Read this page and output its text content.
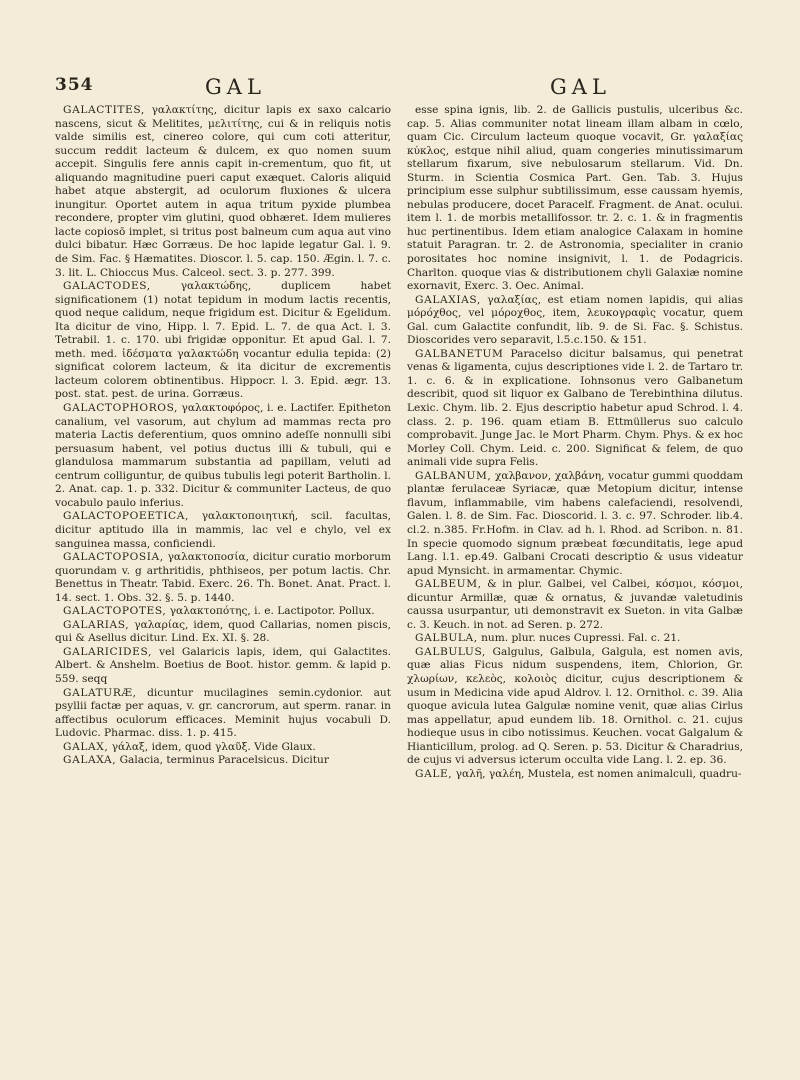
354	GAL	GAL

GALACTITES, γαλακτίτης, dicitur lapis ex saxo calcario nascens, sicut & Melitites, μελιτίτης, cui & in reliquis notis valde similis est, cinereo colore, qui cum coti atteritur, succum reddit lacteum & dulcem, ex quo nomen suum accepit. Singulis fere annis capit in-crementum, quo fit, ut aliquando magnitudine pueri caput exæquet. Caloris aliquid habet atque abstergit, ad oculorum fluxiones & ulcera inungitur. Oportet autem in aqua tritum pyxide plumbea recondere, propter vim glutini, quod obhæret. Idem mulieres lacte copiosō implet, si tritus post balneum cum aqua aut vino dulci bibatur. Hæc Gorræus. De hoc lapide legatur Gal. l. 9. de Sim. Fac. § Hæmatites. Dioscor. l. 5. cap. 150. Ægin. l. 7. c. 3. lit. L. Chioccus Mus. Calceol. sect. 3. p. 277. 399.

GALACTODES,	γαλακτώδης, duplicem habet significationem (1) notat tepidum in modum lactis recentis, quod neque calidum, neque frigidum est. Dicitur & Egelidum. Ita dicitur de vino, Hipp. l. 7. Epid. L. 7. de qua Act. l. 3. Tetrabil. 1. c. 170. ubi frigidæ opponitur. Et apud Gal. l. 7. meth. med. ἰδέσματα γαλακτώδη vocantur edulia tepida: (2) significat colorem lacteum, & ita dicitur de excrementis lacteum colorem obtinentibus. Hippocr. l. 3. Epid. ægr. 13. post. stat. pest. de urina. Gorræus.

GALACTOPHOROS, γαλακτοφόρος, i. e. Lactifer. Epitheton canalium, vel vasorum, aut chylum ad mammas recta pro materia Lactis deferentium, quos omnino adeſſe nonnulli sibi persuasum habent, vel potius ductus illi & tubuli, qui e glandulosa mammarum substantia ad papillam, veluti ad centrum colliguntur, de quibus tubulis legi poterit Bartholin. l. 2. Anat. cap. 1. p. 332. Dicitur & communiter Lacteus, de quo vocabulo paulo inferius.

GALACTOPOEETICA, γαλακτοποιητική, scil. facultas, dicitur aptitudo illa in mammis, lac vel e chylo, vel ex sanguinea massa, conficiendi.

GALACTOPOSIA, γαλακτοποσία, dicitur curatio morborum quorundam v. g arthritidis, phthiseos, per potum lactis. Chr. Benettus in Theatr. Tabid. Exerc. 26. Th. Bonet. Anat. Pract. l. 14. sect. 1. Obs. 32. §. 5. p. 1440.

GALACTOPOTES, γαλακτοπότης, i. e. Lactipotor. Pollux.

GALARIAS, γαλαρίας, idem, quod Callarias, nomen piscis, qui & Asellus dicitur. Lind. Ex. XI. §. 28.

GALARICIDES, vel Galaricis lapis, idem, qui Galactites. Albert. & Anshelm. Boetius de Boot. histor. gemm. & lapid p. 559. seqq

GALATURÆ, dicuntur mucilagines semin.cydonior. aut psyllii factæ per aquas, v. gr. cancrorum, aut sperm. ranar. in affectibus oculorum efficaces. Meminit hujus vocabuli D. Ludovic. Pharmac. diss. 1. p. 415.

GALAX, γάλαξ, idem, quod γλαῦξ. Vide Glaux.

GALAXA, Galacia, terminus Paracelsicus. Dicitur

esse spina ignis, lib. 2. de Gallicis pustulis, ulceribus &c. cap. 5. Alias communiter notat lineam illam albam in cœlo, quam Cic. Circulum lacteum quoque vocavit, Gr. γαλαξίας κύκλος, estque nihil aliud, quam congeries minutissimarum stellarum fixarum, sive nebulosarum stellarum. Vid. Dn. Sturm. in Scientia Cosmica Part. Gen. Tab. 3. Hujus principium esse sulphur subtilissimum, esse caussam hyemis, nebulas producere, docet Paracelf. Fragment. de Anat. ocului. item l. 1. de morbis metallifossor. tr. 2. c. 1. & in fragmentis huc pertinentibus. Idem etiam analogice Calaxam in homine statuit Paragran. tr. 2. de Astronomia, specialiter in cranio porositates hoc nomine insignivit, l. 1. de Podagricis. Charlton. quoque vias & distributionem chyli Galaxiæ nomine exornavit, Exerc. 3. Oec. Animal.

GALAXIAS, γαλαξίας, est etiam nomen lapidis, qui alias μόρόχθος, vel μόροχθος, item, λευκογραφὶς vocatur, quem Gal. cum Galactite confundit, lib. 9. de Si. Fac. §. Schistus. Dioscorides vero separavit, l.5.c.150. & 151.

GALBANETUM Paracelso dicitur balsamus, qui penetrat venas & ligamenta, cujus descriptiones vide l. 2. de Tartaro tr. 1. c. 6. & in explicatione. Iohnsonus vero Galbanetum describit, quod sit liquor ex Galbano de Terebinthina dilutus. Lexic. Chym. lib. 2. Ejus descriptio habetur apud Schrod. l. 4. class. 2. p. 196. quam etiam B. Ettmüllerus suo calculo comprobavit. Junge Jac. le Mort Pharm. Chym. Phys. & ex hoc Morley Coll. Chym. Leid. c. 200. Significat & felem, de quo animali vide supra Felis.

GALBANUM, χαλβανον, χαλβάνη, vocatur gummi quoddam plantæ ferulaceæ Syriacæ, quæ Metopium dicitur, intense flavum, inflammabile, vim habens calefaciendi, resolvendi, Galen. l. 8. de Sim. Fac. Dioscorid. l. 3. c. 97. Schroder. lib.4. cl.2. n.385. Fr.Hofm. in Clav. ad h. l. Rhod. ad Scribon. n. 81. In specie quomodo signum præbeat fœcunditatis, lege apud Lang. l.1. ep.49. Galbani Crocati descriptio & usus videatur apud Mynsicht. in armamentar. Chymic.

GALBEUM, & in plur. Galbei, vel Calbei, κόσμοι, κόσμοι, dicuntur Armillæ, quæ & ornatus, & juvandæ valetudinis caussa usurpantur, uti demonstravit ex Sueton. in vita Galbæ c. 3. Keuch. in not. ad Seren. p. 272.

GALBULA, num. plur. nuces Cupressi. Fal. c. 21.

GALBULUS, Galgulus, Galbula, Galgula, est nomen avis, quæ alias Ficus nidum suspendens, item, Chlorion, Gr. χλωρίων, κελεὸς, κολοιὸς dicitur, cujus descriptionem & usum in Medicina vide apud Aldrov. l. 12. Ornithol. c. 39. Alia quoque avicula lutea Galgulæ nomine venit, quæ alias Cirlus mas appellatur, apud eundem lib. 18. Ornithol. c. 21. cujus hodieque usus in cibo notissimus. Keuchen. vocat Galgalum & Hianticillum, prolog. ad Q. Seren. p. 53. Dicitur & Charadrius, de cujus vi adversus icterum occulta vide Lang. l. 2. ep. 36.

GALE, γαλῆ, γαλέη, Mustela, est nomen animalculi, quadru-
